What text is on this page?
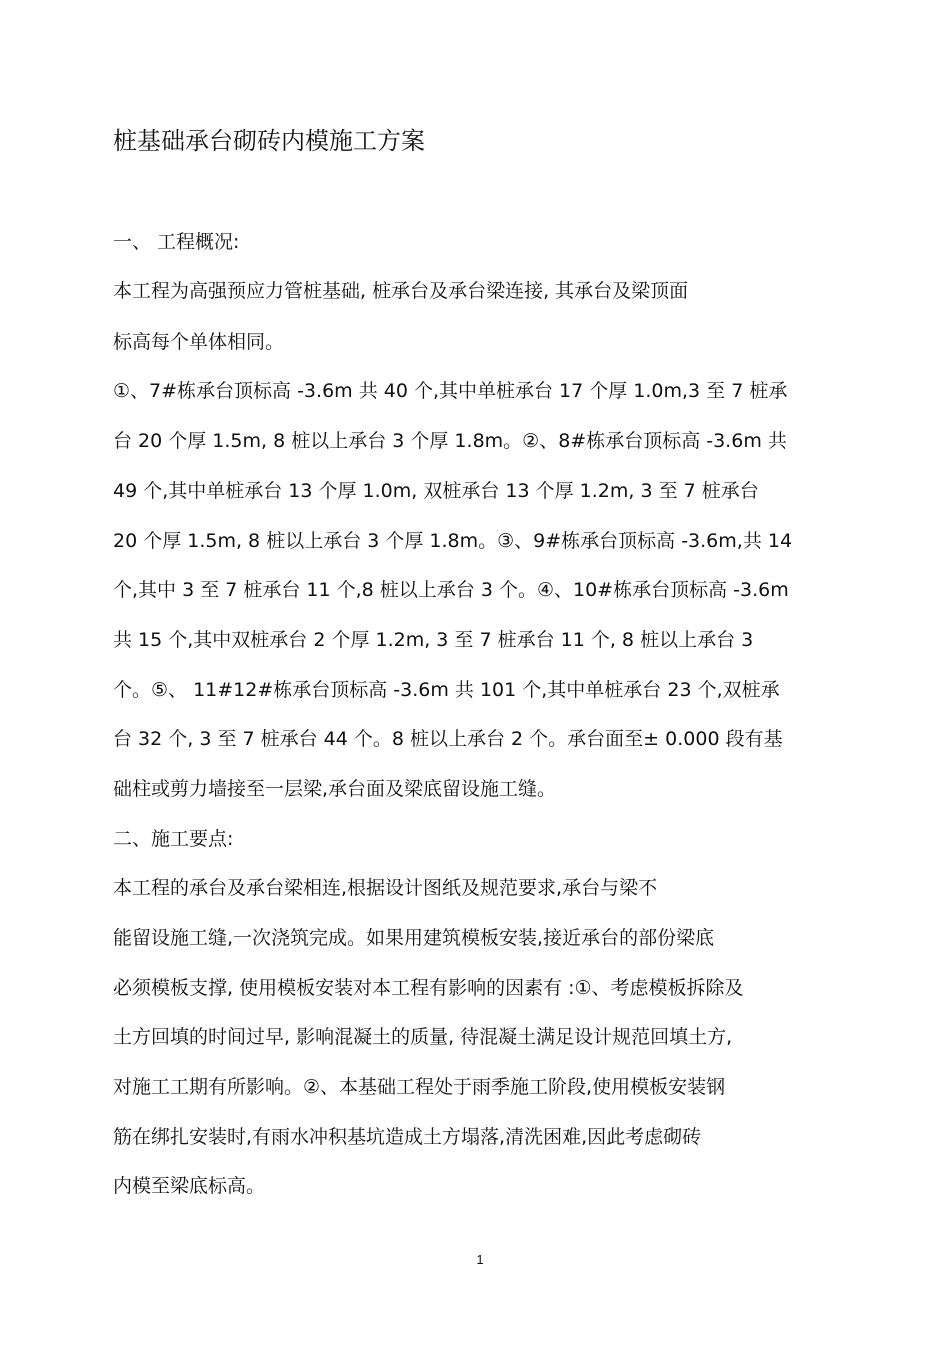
桩基础承台砌砖内模施工方案
一、 工程概况:
本工程为高强预应力管桩基础, 桩承台及承台梁连接, 其承台及梁顶面
标高每个单体相同。
①、7#栋承台顶标高 -3.6m 共 40 个,其中单桩承台 17 个厚 1.0m,3 至 7 桩承
台 20 个厚 1.5m, 8 桩以上承台 3 个厚 1.8m。②、8#栋承台顶标高 -3.6m 共
49 个,其中单桩承台 13 个厚 1.0m, 双桩承台 13 个厚 1.2m, 3 至 7 桩承台
20 个厚 1.5m, 8 桩以上承台 3 个厚 1.8m。③、9#栋承台顶标高 -3.6m,共 14
个,其中 3 至 7 桩承台 11 个,8 桩以上承台 3 个。④、10#栋承台顶标高 -3.6m
共 15 个,其中双桩承台 2 个厚 1.2m, 3 至 7 桩承台 11 个, 8 桩以上承台 3
个。⑤、 11#12#栋承台顶标高 -3.6m 共 101 个,其中单桩承台 23 个,双桩承
台 32 个, 3 至 7 桩承台 44 个。8 桩以上承台 2 个。承台面至± 0.000 段有基
础柱或剪力墙接至一层梁,承台面及梁底留设施工缝。
二、施工要点:
本工程的承台及承台梁相连,根据设计图纸及规范要求,承台与梁不
能留设施工缝,一次浇筑完成。如果用建筑模板安装,接近承台的部份梁底
必须模板支撑, 使用模板安装对本工程有影响的因素有 :①、考虑模板拆除及
土方回填的时间过早, 影响混凝土的质量, 待混凝土满足设计规范回填土方,
对施工工期有所影响。②、本基础工程处于雨季施工阶段,使用模板安装钢
筋在绑扎安装时,有雨水冲积基坑造成土方塌落,清洗困难,因此考虑砌砖
内模至梁底标高。
1
